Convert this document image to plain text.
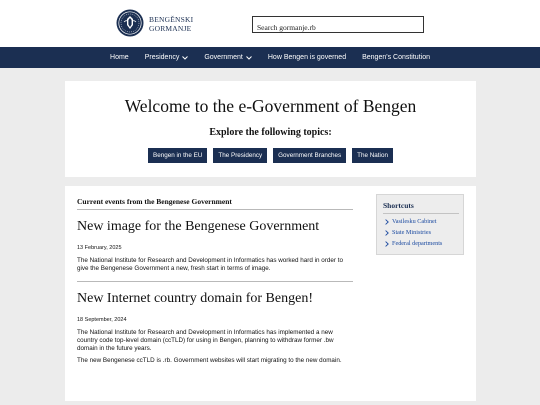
BENGĔNSKI
GORMANJE
Search gormanje.rb
Home Presidency	Government	How Bengen is governed Bengen's Constitution
Welcome to the e-Government of Bengen
Explore the following topics:
Bengen in the EU	The Presidency	Government Branches	The Nation
Current events from the Bengenese Government
New image for the Bengenese Government
13 February, 2025

The National Institute for Research and Development in Informatics has worked hard in order to give the Bengenese Government a new, fresh start in terms of image.

New Internet country domain for Bengen!
18 September, 2024

The National Institute for Research and Development in Informatics has implemented a new country code top-level domain (ccTLD) for using in Bengen, planning to withdraw former .bw domain in the future years.

The new Bengenese ccTLD is .rb. Government websites will start migrating to the new domain.

Shortcuts
Vasilesku Cabinet
State Ministries
Federal departments
